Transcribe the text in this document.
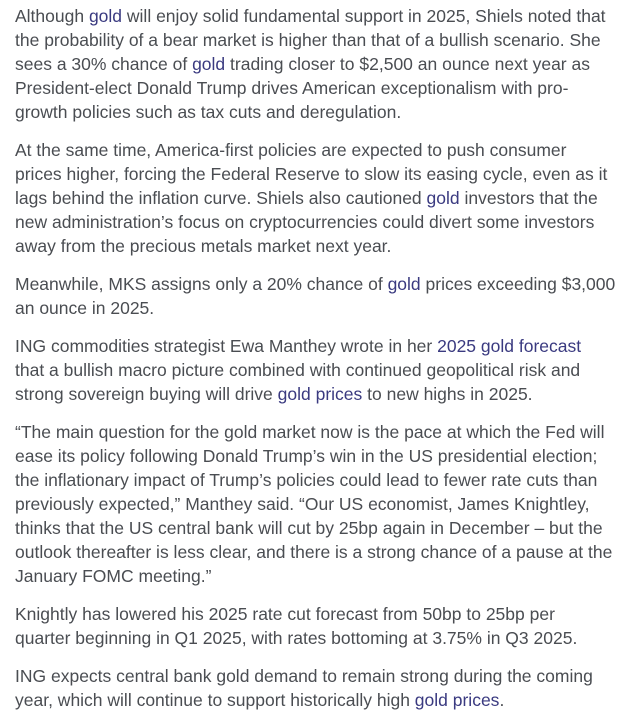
Although gold will enjoy solid fundamental support in 2025, Shiels noted that
the probability of a bear market is higher than that of a bullish scenario. She
sees a 30% chance of gold trading closer to $2,500 an ounce next year as
President-elect Donald Trump drives American exceptionalism with pro-
growth policies such as tax cuts and deregulation.

At the same time, America-first policies are expected to push consumer
prices higher, forcing the Federal Reserve to slow its easing cycle, even as it
lags behind the inflation curve. Shiels also cautioned gold investors that the
new administration’s focus on cryptocurrencies could divert some investors
away from the precious metals market next year.

Meanwhile, MKS assigns only a 20% chance of gold prices exceeding $3,000
an ounce in 2025.

ING commodities strategist Ewa Manthey wrote in her 2025 gold forecast
that a bullish macro picture combined with continued geopolitical risk and
strong sovereign buying will drive gold prices to new highs in 2025.

“The main question for the gold market now is the pace at which the Fed will
ease its policy following Donald Trump’s win in the US presidential election;
the inflationary impact of Trump’s policies could lead to fewer rate cuts than
previously expected,” Manthey said. “Our US economist, James Knightley,
thinks that the US central bank will cut by 25bp again in December – but the
outlook thereafter is less clear, and there is a strong chance of a pause at the
January FOMC meeting.”

Knightly has lowered his 2025 rate cut forecast from 50bp to 25bp per
quarter beginning in Q1 2025, with rates bottoming at 3.75% in Q3 2025.

ING expects central bank gold demand to remain strong during the coming
year, which will continue to support historically high gold prices.
